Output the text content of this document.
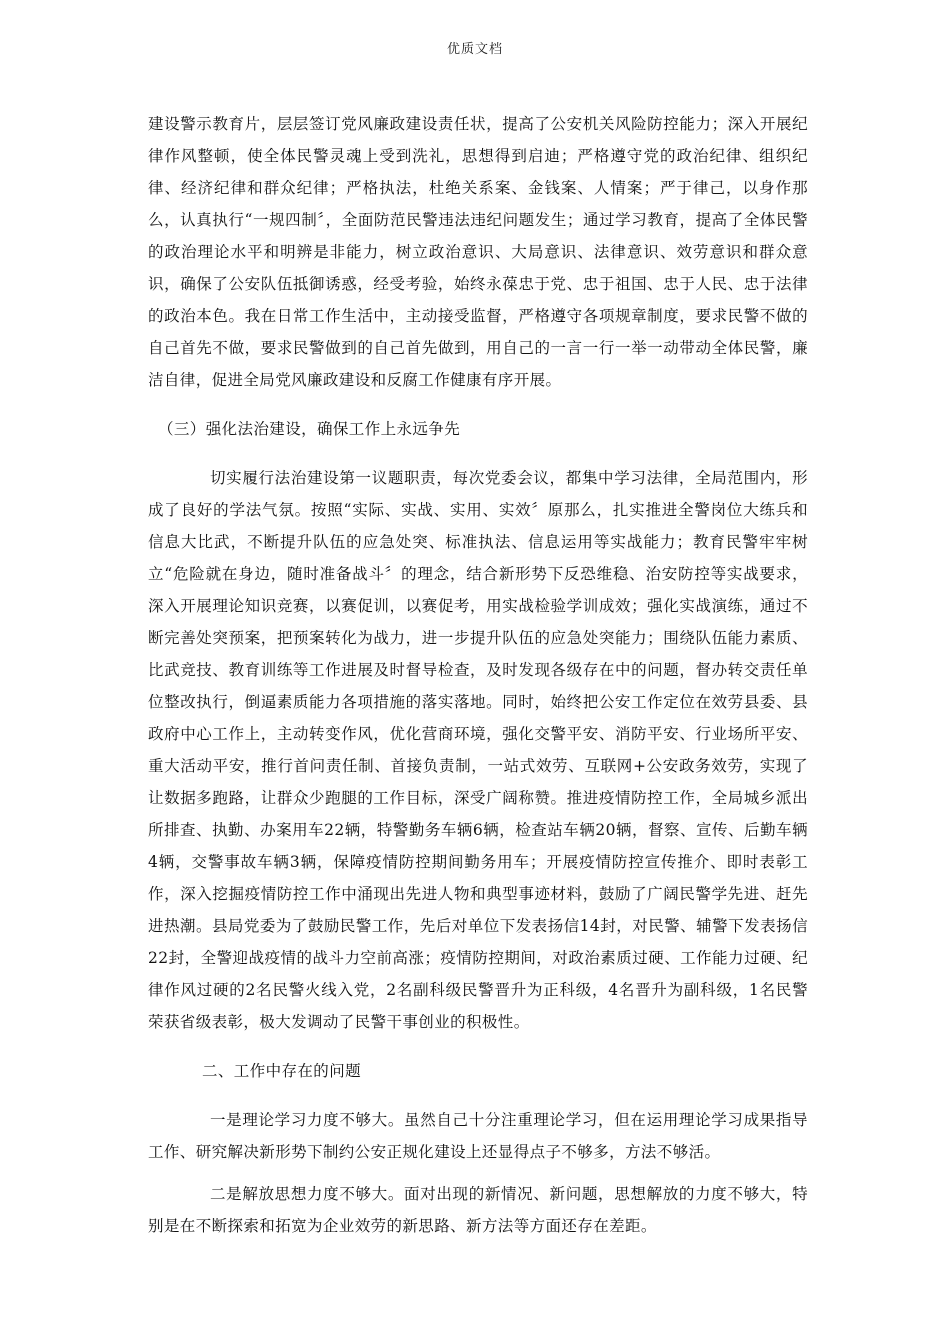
优质文档

建设警示教育片，层层签订党风廉政建设责任状，提高了公安机关风险防控能力；深入开展纪律作风整顿，使全体民警灵魂上受到洗礼，思想得到启迪；严格遵守党的政治纪律、组织纪律、经济纪律和群众纪律；严格执法，杜绝关系案、金钱案、人情案；严于律己，以身作那么，认真执行“一规四制〞，全面防范民警违法违纪问题发生；通过学习教育，提高了全体民警的政治理论水平和明辨是非能力，树立政治意识、大局意识、法律意识、效劳意识和群众意识，确保了公安队伍抵御诱惑，经受考验，始终永葆忠于党、忠于祖国、忠于人民、忠于法律的政治本色。我在日常工作生活中，主动接受监督，严格遵守各项规章制度，要求民警不做的自己首先不做，要求民警做到的自己首先做到，用自己的一言一行一举一动带动全体民警，廉洁自律，促进全局党风廉政建设和反腐工作健康有序开展。

（三）强化法治建设，确保工作上永远争先

切实履行法治建设第一议题职责，每次党委会议，都集中学习法律，全局范围内，形成了良好的学法气氛。按照“实际、实战、实用、实效〞原那么，扎实推进全警岗位大练兵和信息大比武，不断提升队伍的应急处突、标准执法、信息运用等实战能力；教育民警牢牢树立“危险就在身边，随时准备战斗〞的理念，结合新形势下反恐维稳、治安防控等实战要求，深入开展理论知识竞赛，以赛促训，以赛促考，用实战检验学训成效；强化实战演练，通过不断完善处突预案，把预案转化为战力，进一步提升队伍的应急处突能力；围绕队伍能力素质、比武竞技、教育训练等工作进展及时督导检查，及时发现各级存在中的问题，督办转交责任单位整改执行，倒逼素质能力各项措施的落实落地。同时，始终把公安工作定位在效劳县委、县政府中心工作上，主动转变作风，优化营商环境，强化交警平安、消防平安、行业场所平安、重大活动平安，推行首问责任制、首接负责制，一站式效劳、互联网+公安政务效劳，实现了让数据多跑路，让群众少跑腿的工作目标，深受广阔称赞。推进疫情防控工作，全局城乡派出所排查、执勤、办案用车22辆，特警勤务车辆6辆，检查站车辆20辆，督察、宣传、后勤车辆4辆，交警事故车辆3辆，保障疫情防控期间勤务用车；开展疫情防控宣传推介、即时表彰工作，深入挖掘疫情防控工作中涌现出先进人物和典型事迹材料，鼓励了广阔民警学先进、赶先进热潮。县局党委为了鼓励民警工作，先后对单位下发表扬信14封，对民警、辅警下发表扬信22封，全警迎战疫情的战斗力空前高涨；疫情防控期间，对政治素质过硬、工作能力过硬、纪律作风过硬的2名民警火线入党，2名副科级民警晋升为正科级，4名晋升为副科级，1名民警荣获省级表彰，极大发调动了民警干事创业的积极性。

二、工作中存在的问题

一是理论学习力度不够大。虽然自己十分注重理论学习，但在运用理论学习成果指导工作、研究解决新形势下制约公安正规化建设上还显得点子不够多，方法不够活。

二是解放思想力度不够大。面对出现的新情况、新问题，思想解放的力度不够大，特别是在不断探索和拓宽为企业效劳的新思路、新方法等方面还存在差距。
